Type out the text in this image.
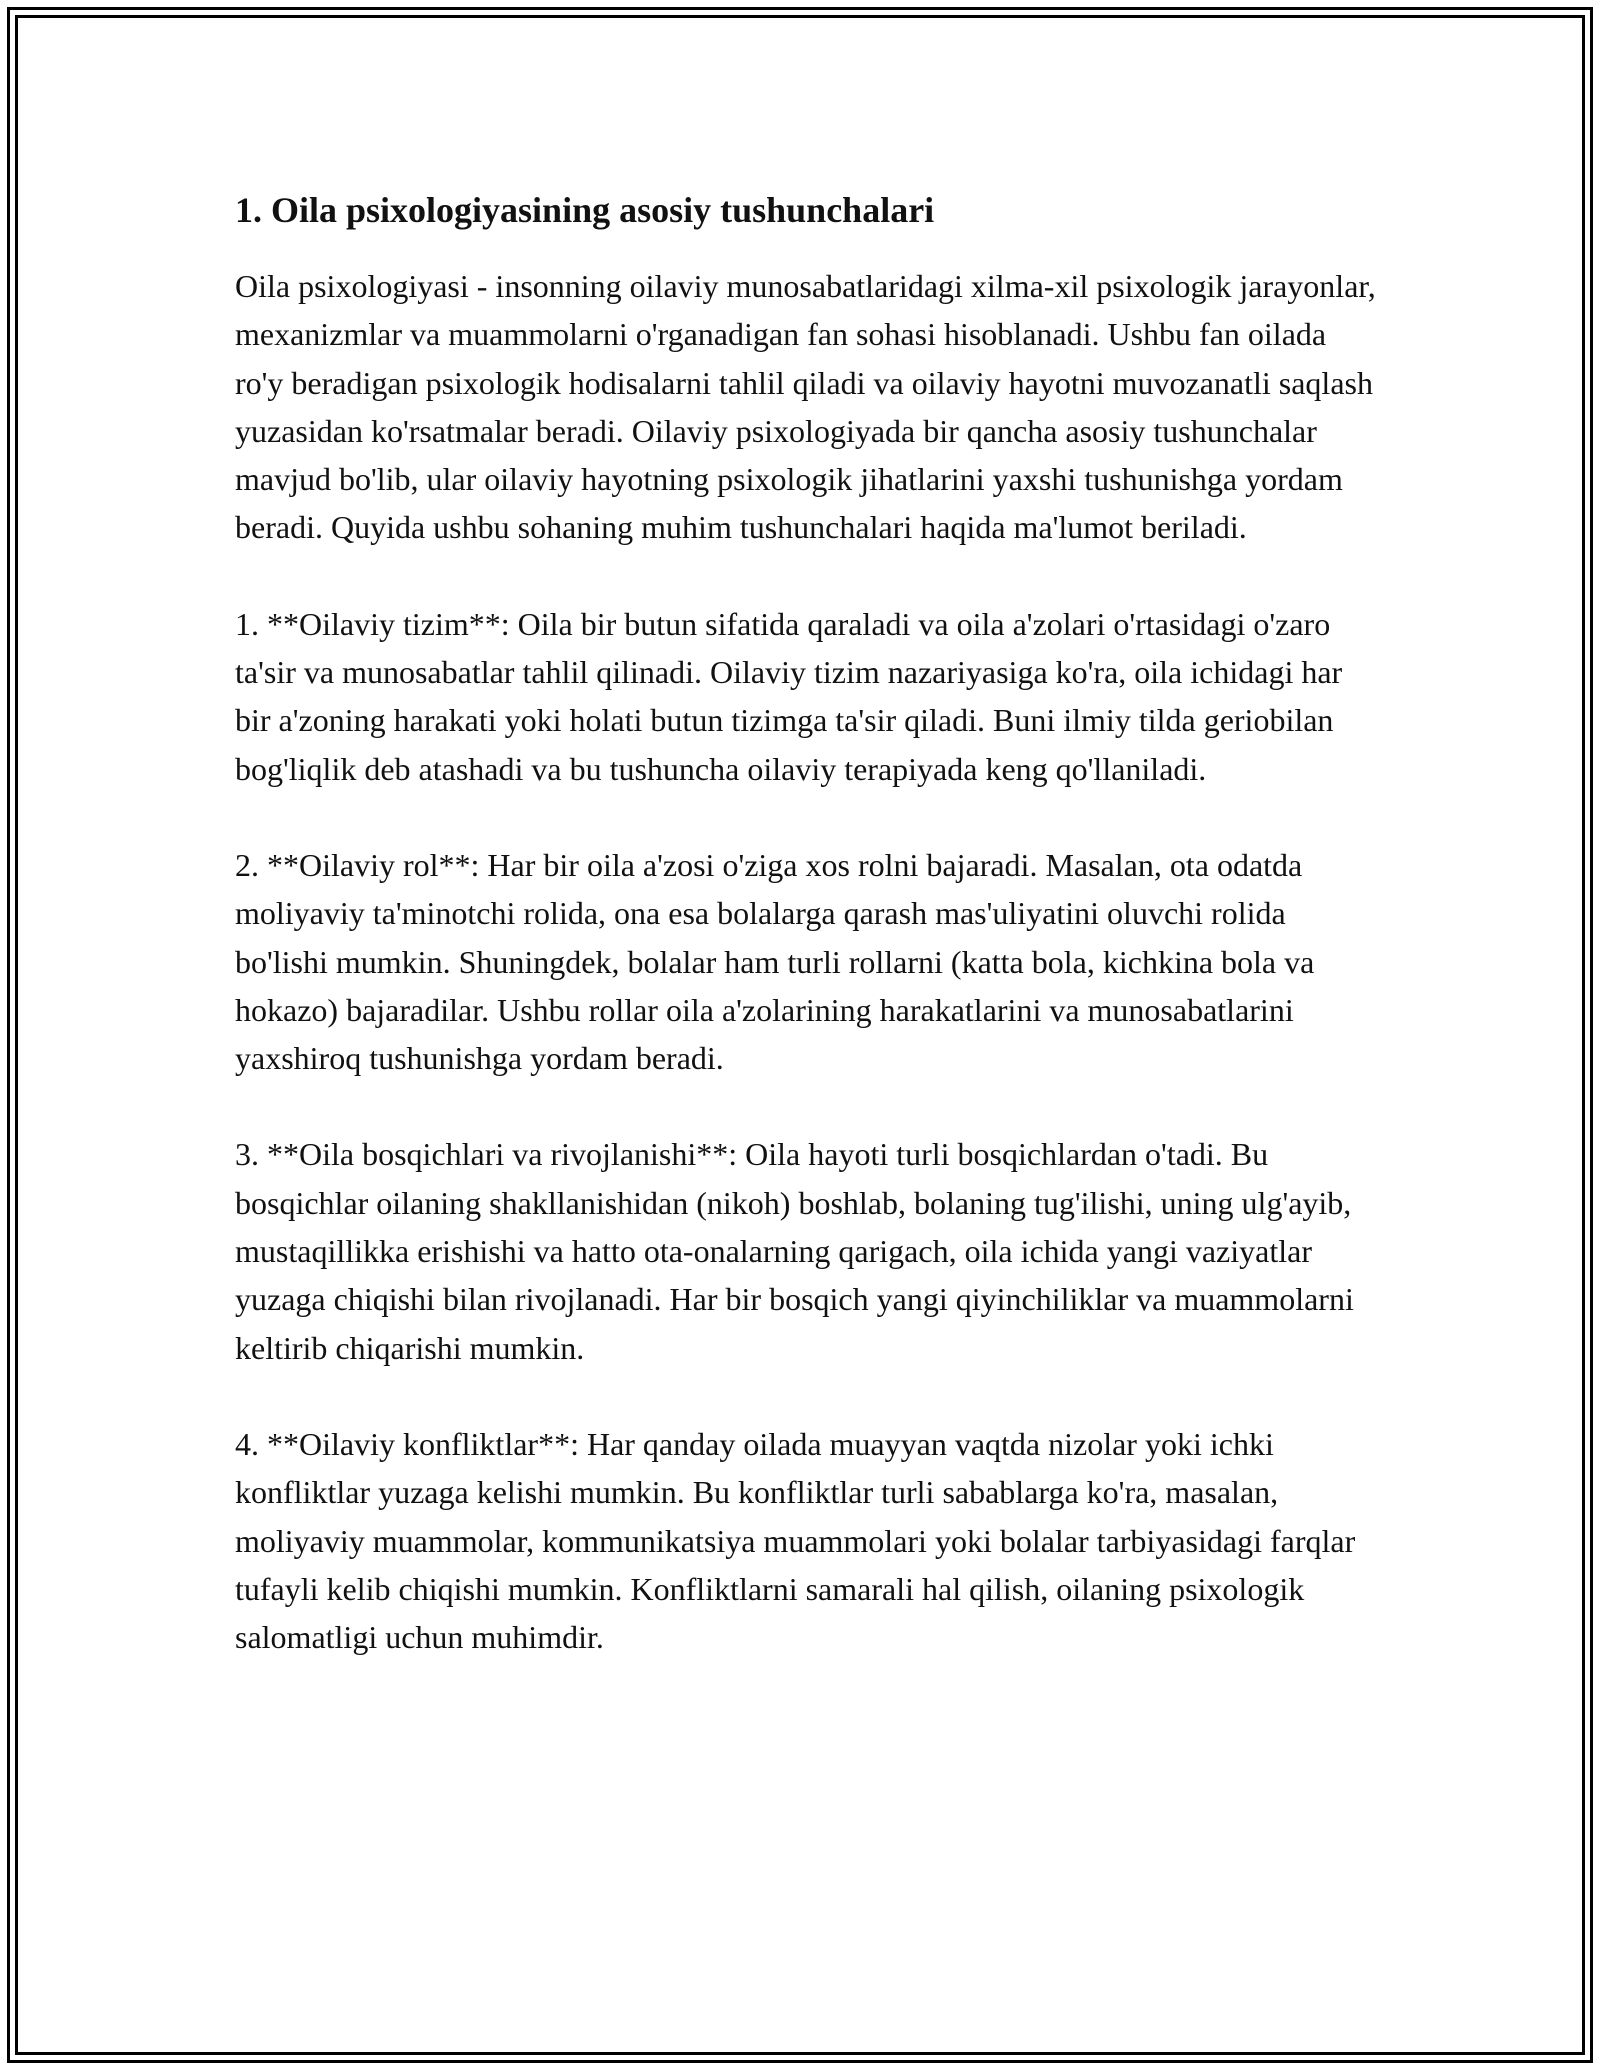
1. Oila psixologiyasining asosiy tushunchalari

Oila psixologiyasi - insonning oilaviy munosabatlaridagi xilma-xil psixologik jarayonlar, mexanizmlar va muammolarni o'rganadigan fan sohasi hisoblanadi. Ushbu fan oilada ro'y beradigan psixologik hodisalarni tahlil qiladi va oilaviy hayotni muvozanatli saqlash yuzasidan ko'rsatmalar beradi. Oilaviy psixologiyada bir qancha asosiy tushunchalar mavjud bo'lib, ular oilaviy hayotning psixologik jihatlarini yaxshi tushunishga yordam beradi. Quyida ushbu sohaning muhim tushunchalari haqida ma'lumot beriladi.

1. **Oilaviy tizim**: Oila bir butun sifatida qaraladi va oila a'zolari o'rtasidagi o'zaro ta'sir va munosabatlar tahlil qilinadi. Oilaviy tizim nazariyasiga ko'ra, oila ichidagi har bir a'zoning harakati yoki holati butun tizimga ta'sir qiladi. Buni ilmiy tilda geriobilan bog'liqlik deb atashadi va bu tushuncha oilaviy terapiyada keng qo'llaniladi.

2. **Oilaviy rol**: Har bir oila a'zosi o'ziga xos rolni bajaradi. Masalan, ota odatda moliyaviy ta'minotchi rolida, ona esa bolalarga qarash mas'uliyatini oluvchi rolida bo'lishi mumkin. Shuningdek, bolalar ham turli rollarni (katta bola, kichkina bola va hokazo) bajaradilar. Ushbu rollar oila a'zolarining harakatlarini va munosabatlarini yaxshiroq tushunishga yordam beradi.

3. **Oila bosqichlari va rivojlanishi**: Oila hayoti turli bosqichlardan o'tadi. Bu bosqichlar oilaning shakllanishidan (nikoh) boshlab, bolaning tug'ilishi, uning ulg'ayib, mustaqillikka erishishi va hatto ota-onalarning qarigach, oila ichida yangi vaziyatlar yuzaga chiqishi bilan rivojlanadi. Har bir bosqich yangi qiyinchiliklar va muammolarni keltirib chiqarishi mumkin.

4. **Oilaviy konfliktlar**: Har qanday oilada muayyan vaqtda nizolar yoki ichki konfliktlar yuzaga kelishi mumkin. Bu konfliktlar turli sabablarga ko'ra, masalan, moliyaviy muammolar, kommunikatsiya muammolari yoki bolalar tarbiyasidagi farqlar tufayli kelib chiqishi mumkin. Konfliktlarni samarali hal qilish, oilaning psixologik salomatligi uchun muhimdir.
